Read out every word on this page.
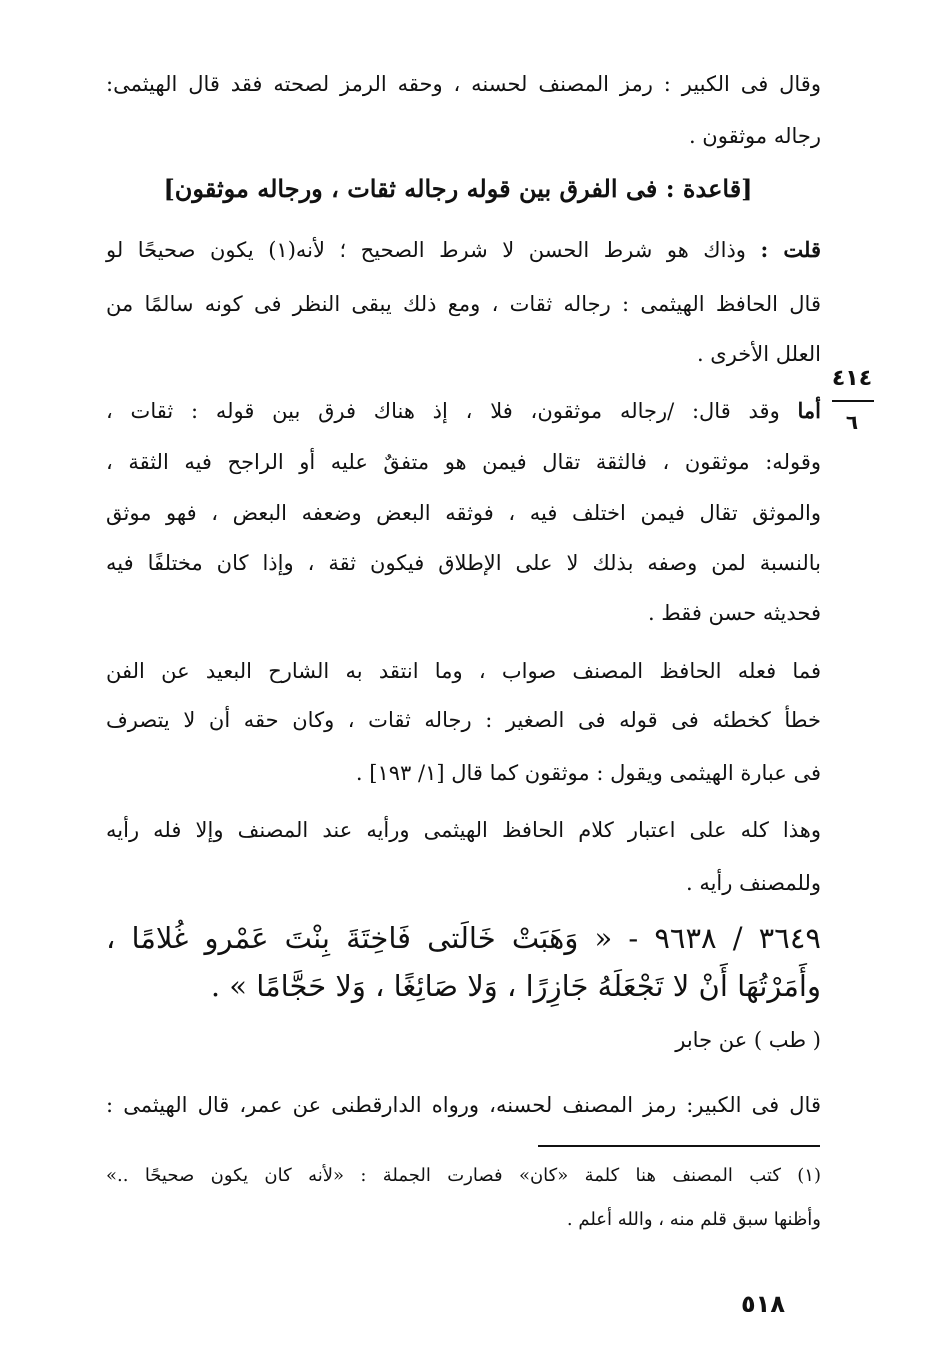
وقال فى الكبير : رمز المصنف لحسنه ، وحقه الرمز لصحته فقد قال الهيثمى:
رجاله موثقون .
[قاعدة : فى الفرق بين قوله رجاله ثقات ، ورجاله موثقون]
قلت : وذاك هو شرط الحسن لا شرط الصحيح ؛ لأنه(١) يكون صحيحًا لو
قال الحافظ الهيثمى : رجاله ثقات ، ومع ذلك يبقى النظر فى كونه سالمًا من
العلل الأخرى .
٤١٤
٦
أما وقد قال: /رجاله موثقون، فلا ، إذ هناك فرق بين قوله : ثقات ،
وقوله: موثقون ، فالثقة تقال فيمن هو متفقٌ عليه أو الراجح فيه الثقة ،
والموثق تقال فيمن اختلف فيه ، فوثقه البعض وضعفه البعض ، فهو موثق
بالنسبة لمن وصفه بذلك لا على الإطلاق فيكون ثقة ، وإذا كان مختلفًا فيه
فحديثه حسن فقط .
فما فعله الحافظ المصنف صواب ، وما انتقد به الشارح البعيد عن الفن
خطأ كخطئه فى قوله فى الصغير : رجاله ثقات ، وكان حقه أن لا يتصرف
فى عبارة الهيثمى ويقول : موثقون كما قال [١/ ١٩٣] .
وهذا كله على اعتبار كلام الحافظ الهيثمى ورأيه عند المصنف وإلا فله رأيه
وللمصنف رأيه .
٣٦٤٩ / ٩٦٣٨ - « وَهَبَتْ خَالَتى فَاخِتَةَ بِنْتَ عَمْرو غُلامًا ،
وأَمَرْتُهَا أَنْ لا تَجْعَلَهُ جَازِرًا ، وَلا صَائِغًا ، وَلا حَجَّامًا » .
( طب ) عن جابر
قال فى الكبير: رمز المصنف لحسنه، ورواه الدارقطنى عن عمر، قال الهيثمى :
(١) كتب المصنف هنا كلمة «كان» فصارت الجملة : «لأنه كان يكون صحيحًا ..»
وأظنها سبق قلم منه ، والله أعلم .
٥١٨
